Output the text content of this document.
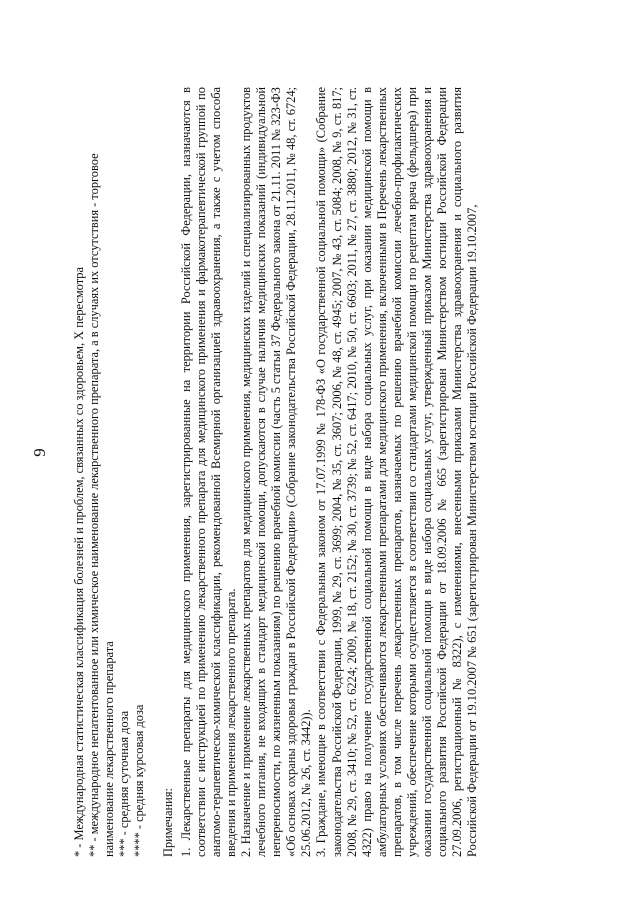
9 * - Международная статистическая классификация болезней и проблем, связанных со здоровьем, X пересмотра ** - международное непатентованное или химическое наименование лекарственного препарата, а в случаях их отсутствия - торговое наименование лекарственного препарата *** - средняя суточная доза **** - средняя курсовая доза Примечания: 1. Лекарственные препараты для медицинского применения, зарегистрированные на территории Российской Федерации, назначаются в соответствии с инструкцией по применению лекарственного препарата для медицинского применения и фармакотерапевтической группой по анатомо-терапевтическо-химической классификации, рекомендованной Всемирной организацией здравоохранения, а также с учетом способа введения и применения лекарственного препарата. 2. Назначение и применение лекарственных препаратов для медицинского применения, медицинских изделий и специализированных продуктов лечебного питания, не входящих в стандарт медицинской помощи, допускаются в случае наличия медицинских показаний (индивидуальной непереносимости, по жизненным показаниям) по решению врачебной комиссии (часть 5 статьи 37 Федерального закона от 21.11. 2011 № 323-ФЗ «Об основах охраны здоровья граждан в Российской Федерации» (Собрание законодательства Российской Федерации, 28.11.2011, № 48, ст. 6724; 25.06.2012, № 26, ст. 3442)). 3. Граждане, имеющие в соответствии с Федеральным законом от 17.07.1999 № 178-ФЗ «О государственной социальной помощи» (Собрание законодательства Российской Федерации, 1999, № 29, ст. 3699; 2004, № 35, ст. 3607; 2006, № 48, ст. 4945; 2007, № 43, ст. 5084; 2008, № 9, ст. 817; 2008, № 29, ст. 3410; № 52, ст. 6224; 2009, № 18, ст. 2152; № 30, ст. 3739; № 52, ст. 6417; 2010, № 50, ст. 6603; 2011, № 27, ст. 3880; 2012, № 31, ст. 4322) право на получение государственной социальной помощи в виде набора социальных услуг, при оказании медицинской помощи в амбулаторных условиях обеспечиваются лекарственными препаратами для медицинского применения, включенными в Перечень лекарственных препаратов, в том числе перечень лекарственных препаратов, назначаемых по решению врачебной комиссии лечебно-профилактических учреждений, обеспечение которыми осуществляется в соответствии со стандартами медицинской помощи по рецептам врача (фельдшера) при оказании государственной социальной помощи в виде набора социальных услуг, утвержденный приказом Министерства здравоохранения и социального развития Российской Федерации от 18.09.2006 № 665 (зарегистрирован Министерством юстиции Российской Федерации 27.09.2006, регистрационный № 8322), с изменениями, внесенными приказами Министерства здравоохранения и социального развития Российской Федерации от 19.10.2007 № 651 (зарегистрирован Министерством юстиции Российской Федерации 19.10.2007,
